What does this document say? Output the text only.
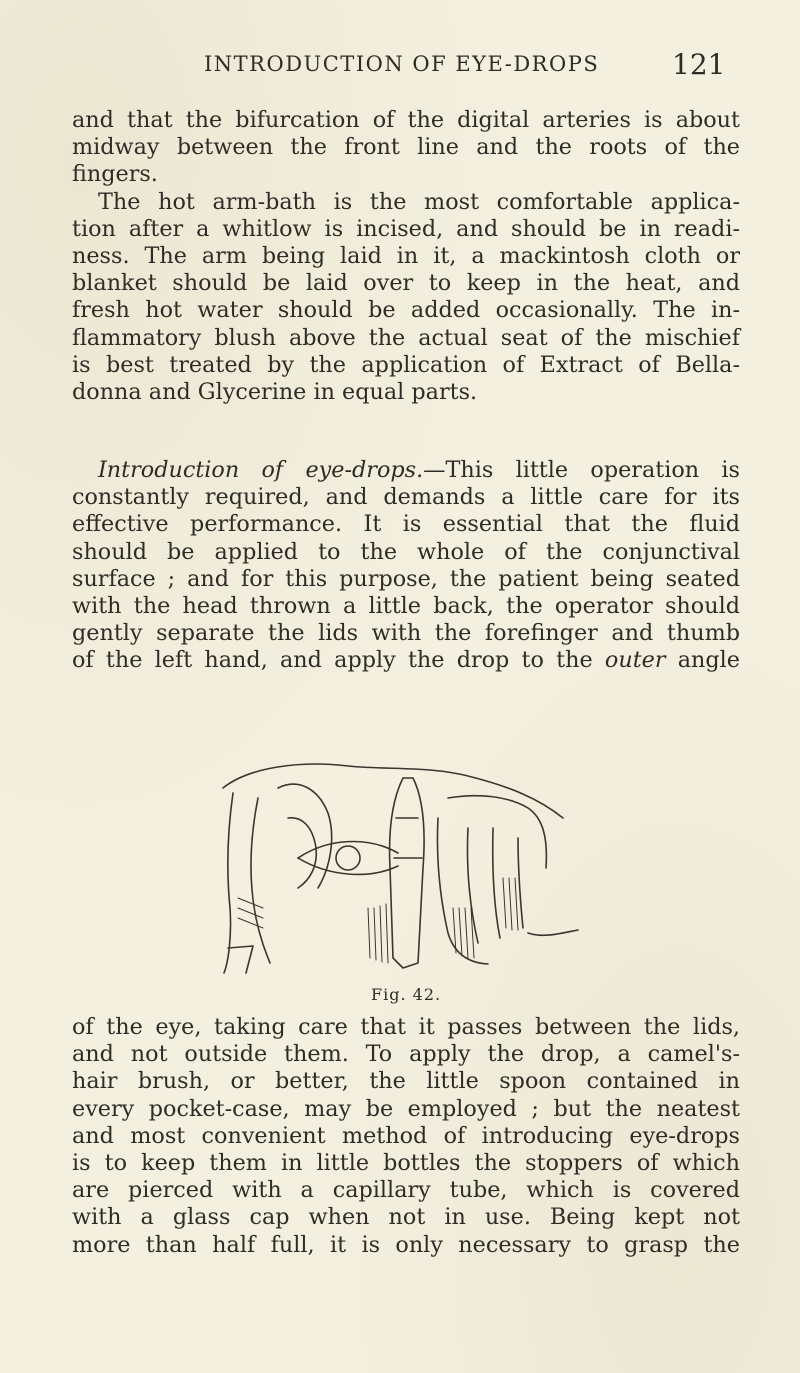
INTRODUCTION OF EYE-DROPS	121
and that the bifurcation of the digital arteries is about
midway between the front line and the roots of the
fingers.
The hot arm-bath is the most comfortable applica-
tion after a whitlow is incised, and should be in readi-
ness. The arm being laid in it, a mackintosh cloth or
blanket should be laid over to keep in the heat, and
fresh hot water should be added occasionally. The in-
flammatory blush above the actual seat of the mischief
is best treated by the application of Extract of Bella-
donna and Glycerine in equal parts.
Introduction of eye-drops.—This little operation is
constantly required, and demands a little care for its
effective performance. It is essential that the fluid
should be applied to the whole of the conjunctival
surface ; and for this purpose, the patient being seated
with the head thrown a little back, the operator should
gently separate the lids with the forefinger and thumb
of the left hand, and apply the drop to the outer angle
Fig. 42.
of the eye, taking care that it passes between the lids,
and not outside them. To apply the drop, a camel's-
hair brush, or better, the little spoon contained in
every pocket-case, may be employed ; but the neatest
and most convenient method of introducing eye-drops
is to keep them in little bottles the stoppers of which
are pierced with a capillary tube, which is covered
with a glass cap when not in use. Being kept not
more than half full, it is only necessary to grasp the
